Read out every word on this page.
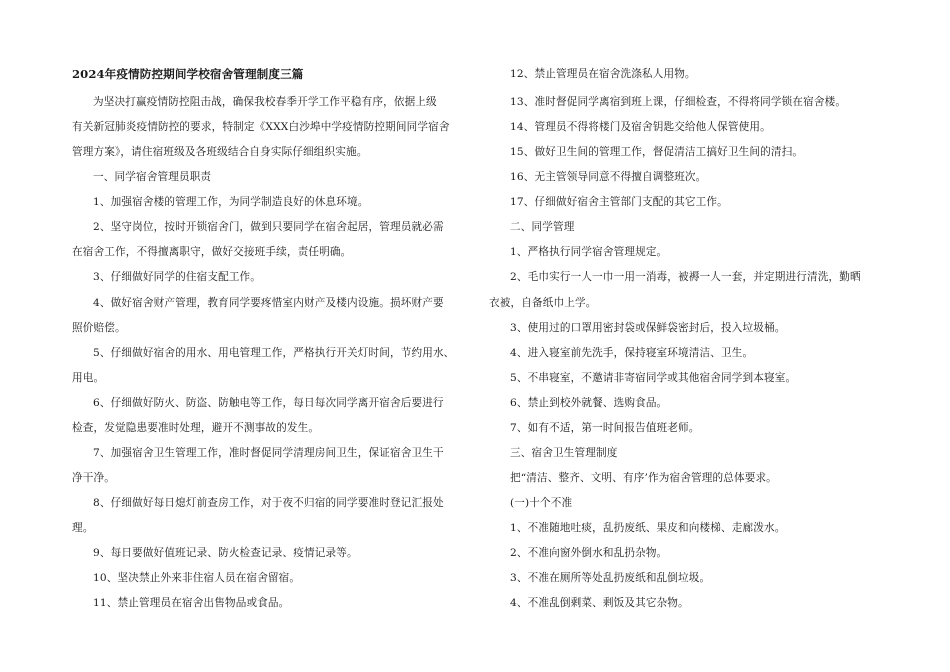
2024年疫情防控期间学校宿舍管理制度三篇
为坚决打赢疫情防控阻击战，确保我校春季开学工作平稳有序，依据上级
有关新冠肺炎疫情防控的要求，特制定《XXX白沙埠中学疫情防控期间同学宿舍
管理方案》，请住宿班级及各班级结合自身实际仔细组织实施。
一、同学宿舍管理员职责
1、加强宿舍楼的管理工作，为同学制造良好的休息环境。
2、坚守岗位，按时开锁宿舍门，做到只要同学在宿舍起居，管理员就必需
在宿舍工作，不得擅离职守，做好交接班手续，责任明确。
3、仔细做好同学的住宿支配工作。
4、做好宿舍财产管理，教育同学要疼惜室内财产及楼内设施。损坏财产要
照价赔偿。
5、仔细做好宿舍的用水、用电管理工作，严格执行开关灯时间，节约用水、
用电。
6、仔细做好防火、防盗、防触电等工作，每日每次同学离开宿舍后要进行
检查，发觉隐患要准时处理，避开不测事故的发生。
7、加强宿舍卫生管理工作，准时督促同学清理房间卫生，保证宿舍卫生干
净干净。
8、仔细做好每日熄灯前查房工作，对于夜不归宿的同学要准时登记汇报处
理。
9、每日要做好值班记录、防火检查记录、疫情记录等。
10、坚决禁止外来非住宿人员在宿舍留宿。
11、禁止管理员在宿舍出售物品或食品。
12、禁止管理员在宿舍洗涤私人用物。
13、准时督促同学离宿到班上课，仔细检查，不得将同学锁在宿舍楼。
14、管理员不得将楼门及宿舍钥匙交给他人保管使用。
15、做好卫生间的管理工作，督促清洁工搞好卫生间的清扫。
16、无主管领导同意不得擅自调整班次。
17、仔细做好宿舍主管部门支配的其它工作。
二、同学管理
1、严格执行同学宿舍管理规定。
2、毛巾实行一人一巾一用一消毒，被褥一人一套，并定期进行清洗，勤晒
衣被，自备纸巾上学。
3、使用过的口罩用密封袋或保鲜袋密封后，投入垃圾桶。
4、进入寝室前先洗手，保持寝室环境清洁、卫生。
5、不串寝室，不邀请非寄宿同学或其他宿舍同学到本寝室。
6、禁止到校外就餐、选购食品。
7、如有不适，第一时间报告值班老师。
三、宿舍卫生管理制度
把“清洁、整齐、文明、有序’作为宿舍管理的总体要求。
(一)十个不准
1、不准随地吐痰，乱扔废纸、果皮和向楼梯、走廊泼水。
2、不准向窗外倒水和乱扔杂物。
3、不准在厕所等处乱扔废纸和乱倒垃圾。
4、不准乱倒剩菜、剩饭及其它杂物。
